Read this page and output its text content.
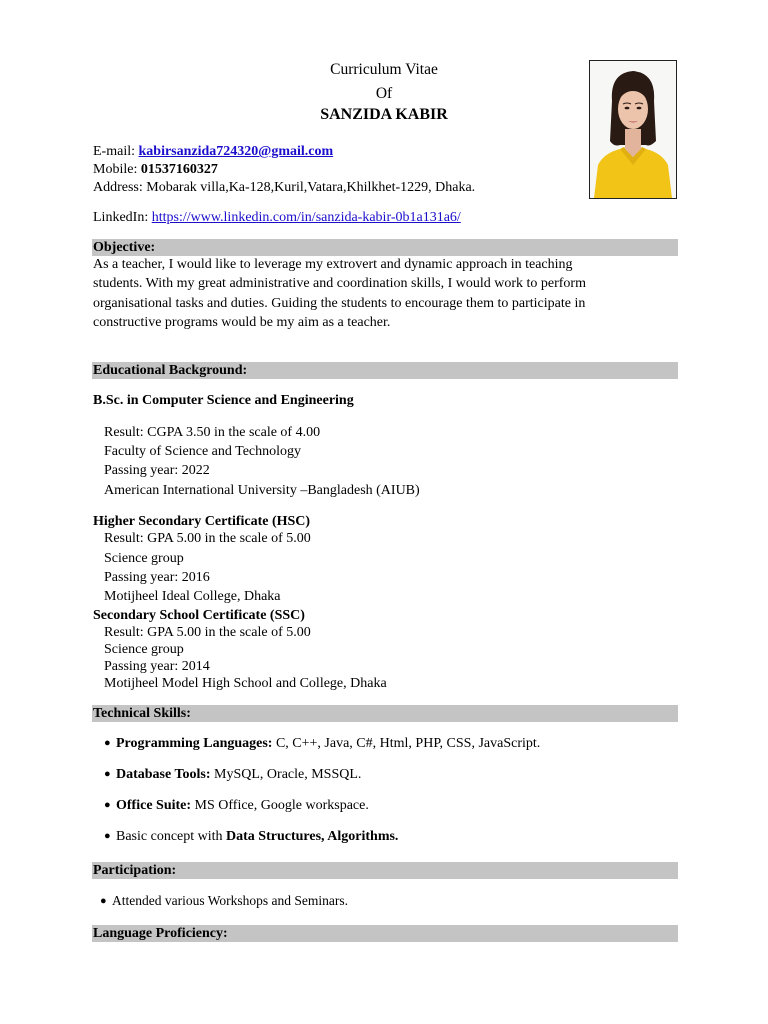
Curriculum Vitae
Of
SANZIDA KABIR
E-mail: kabirsanzida724320@gmail.com
Mobile: 01537160327
Address: Mobarak villa,Ka-128,Kuril,Vatara,Khilkhet-1229, Dhaka.
LinkedIn: https://www.linkedin.com/in/sanzida-kabir-0b1a131a6/
Objective:
As a teacher, I would like to leverage my extrovert and dynamic approach in teaching
students. With my great administrative and coordination skills, I would work to perform
organisational tasks and duties. Guiding the students to encourage them to participate in
constructive programs would be my aim as a teacher.
Educational Background:
B.Sc. in Computer Science and Engineering
Result: CGPA 3.50 in the scale of 4.00
Faculty of Science and Technology
Passing year: 2022
American International University –Bangladesh (AIUB)
Higher Secondary Certificate (HSC)
Result: GPA 5.00 in the scale of 5.00
Science group
Passing year: 2016
Motijheel Ideal College, Dhaka
Secondary School Certificate (SSC)
Result: GPA 5.00 in the scale of 5.00
Science group
Passing year: 2014
Motijheel Model High School and College, Dhaka
Technical Skills:
● Programming Languages: C, C++, Java, C#, Html, PHP, CSS, JavaScript.
● Database Tools: MySQL, Oracle, MSSQL.
● Office Suite: MS Office, Google workspace.
● Basic concept with Data Structures, Algorithms.
Participation:
● Attended various Workshops and Seminars.
Language Proficiency:
